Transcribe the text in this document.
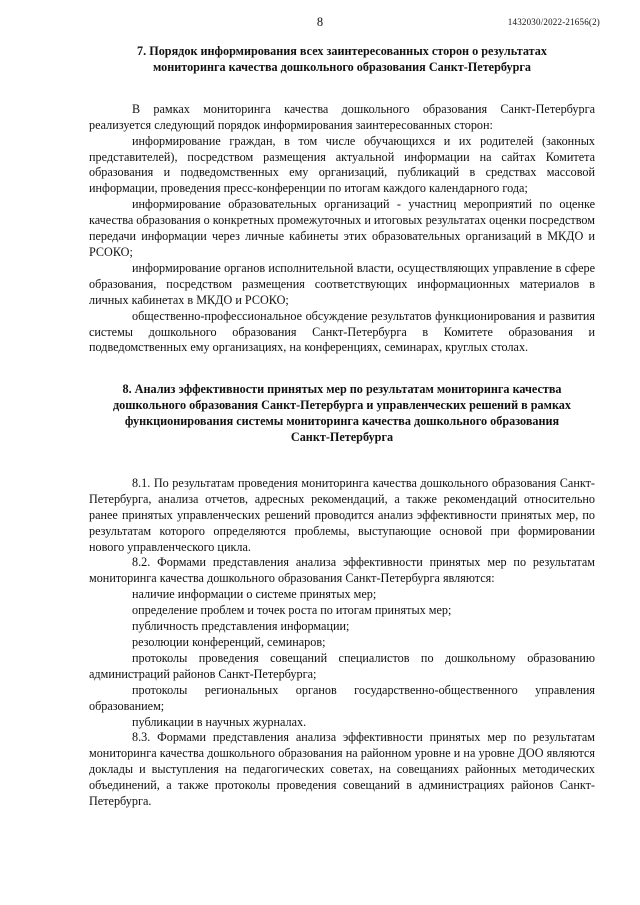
8	1432030/2022-21656(2)
7. Порядок информирования всех заинтересованных сторон о результатах
мониторинга качества дошкольного образования Санкт-Петербурга

В рамках мониторинга качества дошкольного образования Санкт-Петербурга реализуется следующий порядок информирования заинтересованных сторон:

информирование граждан, в том числе обучающихся и их родителей (законных представителей), посредством размещения актуальной информации на сайтах Комитета образования и подведомственных ему организаций, публикаций в средствах массовой информации, проведения пресс-конференции по итогам каждого календарного года;

информирование образовательных организаций - участниц мероприятий по оценке качества образования о конкретных промежуточных и итоговых результатах оценки посредством передачи информации через личные кабинеты этих образовательных организаций в МКДО и РСОКО;

информирование органов исполнительной власти, осуществляющих управление в сфере образования, посредством размещения соответствующих информационных материалов в личных кабинетах в МКДО и РСОКО;

общественно-профессиональное обсуждение результатов функционирования и развития системы дошкольного образования Санкт-Петербурга в Комитете образования и подведомственных ему организациях, на конференциях, семинарах, круглых столах.

8. Анализ эффективности принятых мер по результатам мониторинга качества
дошкольного образования Санкт-Петербурга и управленческих решений в рамках
функционирования системы мониторинга качества дошкольного образования
Санкт-Петербурга

8.1. По результатам проведения мониторинга качества дошкольного образования Санкт-Петербурга, анализа отчетов, адресных рекомендаций, а также рекомендаций относительно ранее принятых управленческих решений проводится анализ эффективности принятых мер, по результатам которого определяются проблемы, выступающие основой при формировании нового управленческого цикла.

8.2. Формами представления анализа эффективности принятых мер по результатам мониторинга качества дошкольного образования Санкт-Петербурга являются:

наличие информации о системе принятых мер;

определение проблем и точек роста по итогам принятых мер;

публичность представления информации;

резолюции конференций, семинаров;

протоколы проведения совещаний специалистов по дошкольному образованию администраций районов Санкт-Петербурга;

протоколы региональных органов государственно-общественного управления образованием;

публикации в научных журналах.

8.3. Формами представления анализа эффективности принятых мер по результатам мониторинга качества дошкольного образования на районном уровне и на уровне ДОО являются доклады и выступления на педагогических советах, на совещаниях районных методических объединений, а также протоколы проведения совещаний в администрациях районов Санкт-Петербурга.
